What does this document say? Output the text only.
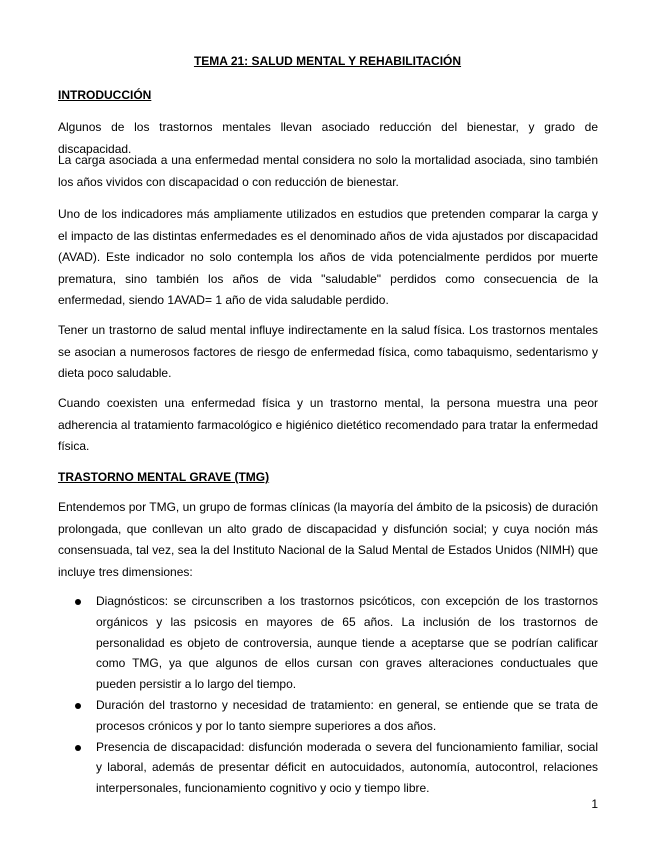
TEMA 21: SALUD MENTAL Y REHABILITACIÓN
INTRODUCCIÓN

Algunos de los trastornos mentales llevan asociado reducción del bienestar, y grado de discapacidad.

La carga asociada a una enfermedad mental considera no solo la mortalidad asociada, sino también los años vividos con discapacidad o con reducción de bienestar.

Uno de los indicadores más ampliamente utilizados en estudios que pretenden comparar la carga y el impacto de las distintas enfermedades es el denominado años de vida ajustados por discapacidad (AVAD). Este indicador no solo contempla los años de vida potencialmente perdidos por muerte prematura, sino también los años de vida "saludable" perdidos como consecuencia de la enfermedad, siendo 1AVAD= 1 año de vida saludable perdido.

Tener un trastorno de salud mental influye indirectamente en la salud física. Los trastornos mentales se asocian a numerosos factores de riesgo de enfermedad física, como tabaquismo, sedentarismo y dieta poco saludable.

Cuando coexisten una enfermedad física y un trastorno mental, la persona muestra una peor adherencia al tratamiento farmacológico e higiénico dietético recomendado para tratar la enfermedad física.

TRASTORNO MENTAL GRAVE (TMG)

Entendemos por TMG, un grupo de formas clínicas (la mayoría del ámbito de la psicosis) de duración prolongada, que conllevan un alto grado de discapacidad y disfunción social; y cuya noción más consensuada, tal vez, sea la del Instituto Nacional de la Salud Mental de Estados Unidos (NIMH) que incluye tres dimensiones:

Diagnósticos: se circunscriben a los trastornos psicóticos, con excepción de los trastornos orgánicos y las psicosis en mayores de 65 años. La inclusión de los trastornos de personalidad es objeto de controversia, aunque tiende a aceptarse que se podrían calificar como TMG, ya que algunos de ellos cursan con graves alteraciones conductuales que pueden persistir a lo largo del tiempo.
Duración del trastorno y necesidad de tratamiento: en general, se entiende que se trata de procesos crónicos y por lo tanto siempre superiores a dos años.
Presencia de discapacidad: disfunción moderada o severa del funcionamiento familiar, social y laboral, además de presentar déficit en autocuidados, autonomía, autocontrol, relaciones interpersonales, funcionamiento cognitivo y ocio y tiempo libre.
1
